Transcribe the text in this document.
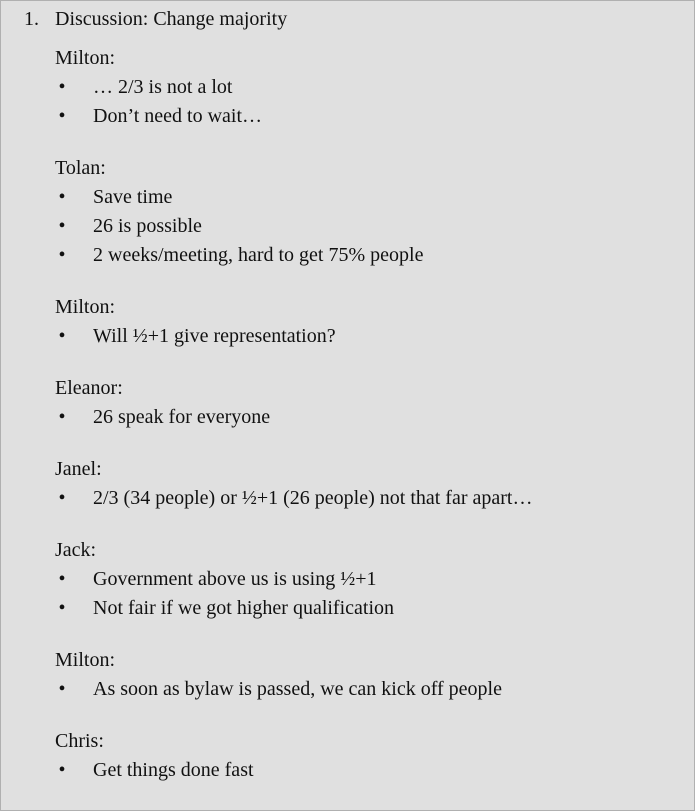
1. Discussion: Change majority
Milton:
• … 2/3 is not a lot
• Don’t need to wait…
Tolan:
• Save time
• 26 is possible
• 2 weeks/meeting, hard to get 75% people
Milton:
• Will ½+1 give representation?
Eleanor:
• 26 speak for everyone
Janel:
• 2/3 (34 people) or ½+1 (26 people) not that far apart…
Jack:
• Government above us is using ½+1
• Not fair if we got higher qualification
Milton:
• As soon as bylaw is passed, we can kick off people
Chris:
• Get things done fast
